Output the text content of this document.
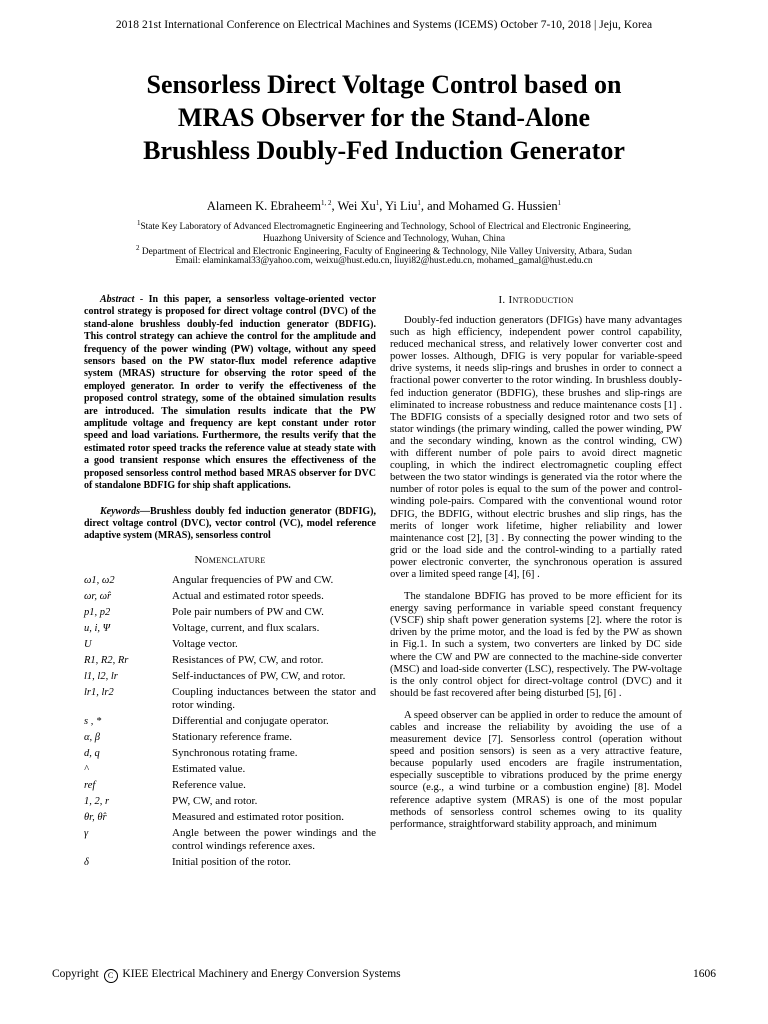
2018 21st International Conference on Electrical Machines and Systems (ICEMS) October 7-10, 2018 | Jeju, Korea
Sensorless Direct Voltage Control based on
MRAS Observer for the Stand-Alone
Brushless Doubly-Fed Induction Generator
Alameen K. Ebraheem$^{1, 2}$, Wei Xu$^1$, Yi Liu$^1$, and Mohamed G. Hussien$^1$
$^1$State Key Laboratory of Advanced Electromagnetic Engineering and Technology, School of Electrical and Electronic Engineering,
Huazhong University of Science and Technology, Wuhan, China
$^2$ Department of Electrical and Electronic Engineering, Faculty of Engineering & Technology, Nile Valley University, Atbara, Sudan
Email: elaminkamal33@yahoo.com, weixu@hust.edu.cn, liuyi82@hust.edu.cn, mohamed_gamal@hust.edu.cn

Abstract - In this paper, a sensorless voltage-oriented vector control strategy is proposed for direct voltage control (DVC) of the stand-alone brushless doubly-fed induction generator (BDFIG). This control strategy can achieve the control for the amplitude and frequency of the power winding (PW) voltage, without any speed sensors based on the PW stator-flux model reference adaptive system (MRAS) structure for observing the rotor speed of the employed generator. In order to verify the effectiveness of the proposed control strategy, some of the obtained simulation results are introduced. The simulation results indicate that the PW amplitude voltage and frequency are kept constant under rotor speed and load variations. Furthermore, the results verify that the estimated rotor speed tracks the reference value at steady state with a good transient response which ensures the effectiveness of the proposed sensorless control method based MRAS observer for DVC of standalone BDFIG for ship shaft applications.

Keywords—Brushless doubly fed induction generator (BDFIG), direct voltage control (DVC), vector control (VC), model reference adaptive system (MRAS), sensorless control

Nomenclature
ω1, ω2	Angular frequencies of PW and CW.
ωr, ω̂r	Actual and estimated rotor speeds.
p1, p2	Pole pair numbers of PW and CW.
u, i, Ψ	Voltage, current, and flux scalars.
U	Voltage vector.
R1, R2, Rr	Resistances of PW, CW, and rotor.
l1, l2, lr	Self-inductances of PW, CW, and rotor.
lr1, lr2	Coupling inductances between the stator and rotor winding.
s , *	Differential and conjugate operator.
α, β	Stationary reference frame.
d, q	Synchronous rotating frame.
^	Estimated value.
ref	Reference value.
1, 2, r	PW, CW, and rotor.
θr, θ̂r	Measured and estimated rotor position.
γ	Angle between the power windings and the control windings reference axes.
δ	Initial position of the rotor.
I. Introduction

Doubly-fed induction generators (DFIGs) have many advantages such as high efficiency, independent power control capability, reduced mechanical stress, and relatively lower converter cost and power losses. Although, DFIG is very popular for variable-speed drive systems, it needs slip-rings and brushes in order to connect a fractional power converter to the rotor winding. In brushless doubly-fed induction generator (BDFIG), these brushes and slip-rings are eliminated to increase robustness and reduce maintenance costs [1] . The BDFIG consists of a specially designed rotor and two sets of stator windings (the primary winding, called the power winding, PW and the secondary winding, known as the control winding, CW) with different number of pole pairs to avoid direct magnetic coupling, in which the indirect electromagnetic coupling effect between the two stator windings is generated via the rotor where the number of rotor poles is equal to the sum of the power and control-winding pole-pairs. Compared with the conventional wound rotor DFIG, the BDFIG, without electric brushes and slip rings, has the merits of longer work lifetime, higher reliability and lower maintenance cost [2], [3] . By connecting the power winding to the grid or the load side and the control-winding to a partially rated power electronic converter, the synchronous operation is assured over a limited speed range [4], [6] .

The standalone BDFIG has proved to be more efficient for its energy saving performance in variable speed constant frequency (VSCF) ship shaft power generation systems [2]. where the rotor is driven by the prime motor, and the load is fed by the PW as shown in Fig.1. In such a system, two converters are linked by DC side where the CW and PW are connected to the machine-side converter (MSC) and load-side converter (LSC), respectively. The PW-voltage is the only control object for direct-voltage control (DVC) and it should be fast recovered after being disturbed [5], [6] .

A speed observer can be applied in order to reduce the amount of cables and increase the reliability by avoiding the use of a measurement device [7]. Sensorless control (operation without speed and position sensors) is seen as a very attractive feature, because popularly used encoders are fragile instrumentation, especially susceptible to vibrations produced by the prime energy source (e.g., a wind turbine or a combustion engine) [8]. Model reference adaptive system (MRAS) is one of the most popular methods of sensorless control schemes owing to its quality performance, straightforward stability approach, and minimum

Copyright C KIEE Electrical Machinery and Energy Conversion Systems	1606
